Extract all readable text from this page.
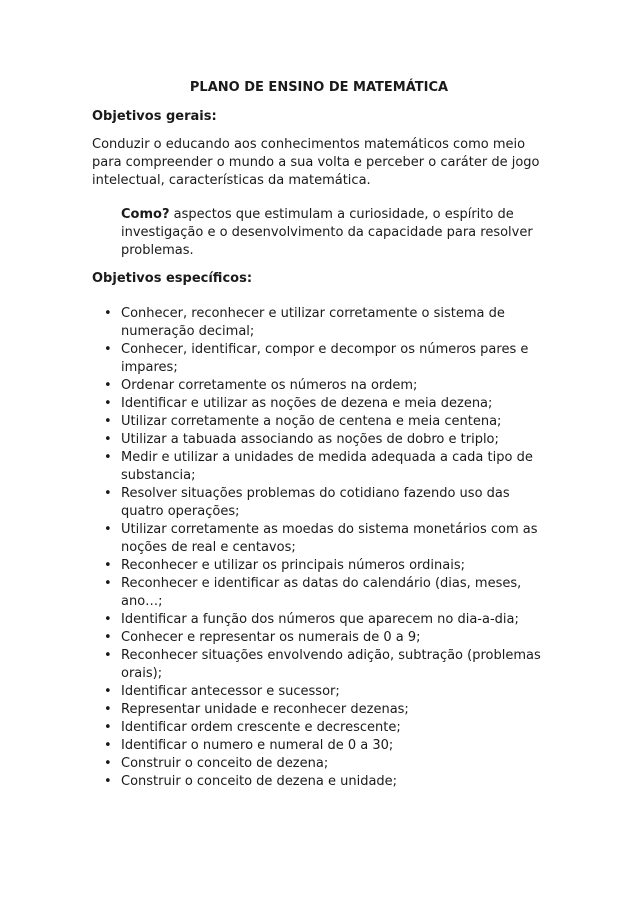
PLANO DE ENSINO DE MATEMÁTICA
Objetivos gerais:
Conduzir o educando aos conhecimentos matemáticos como meio para compreender o mundo a sua volta e perceber o caráter de jogo intelectual, características da matemática.
Como? aspectos que estimulam a curiosidade, o espírito de investigação e o desenvolvimento da capacidade para resolver problemas.
Objetivos específicos:
• Conhecer, reconhecer e utilizar corretamente o sistema de numeração decimal;
• Conhecer, identificar, compor e decompor os números pares e impares;
• Ordenar corretamente os números na ordem;
• Identificar e utilizar as noções de dezena e meia dezena;
• Utilizar corretamente a noção de centena e meia centena;
• Utilizar a tabuada associando as noções de dobro e triplo;
• Medir e utilizar a unidades de medida adequada a cada tipo de substancia;
• Resolver situações problemas do cotidiano fazendo uso das quatro operações;
• Utilizar corretamente as moedas do sistema monetários com as noções de real e centavos;
• Reconhecer e utilizar os principais números ordinais;
• Reconhecer e identificar as datas do calendário (dias, meses, ano…;
• Identificar a função dos números que aparecem no dia-a-dia;
• Conhecer e representar os numerais de 0 a 9;
• Reconhecer situações envolvendo adição, subtração (problemas orais);
• Identificar antecessor e sucessor;
• Representar unidade e reconhecer dezenas;
• Identificar ordem crescente e decrescente;
• Identificar o numero e numeral de 0 a 30;
• Construir o conceito de dezena;
• Construir o conceito de dezena e unidade;
